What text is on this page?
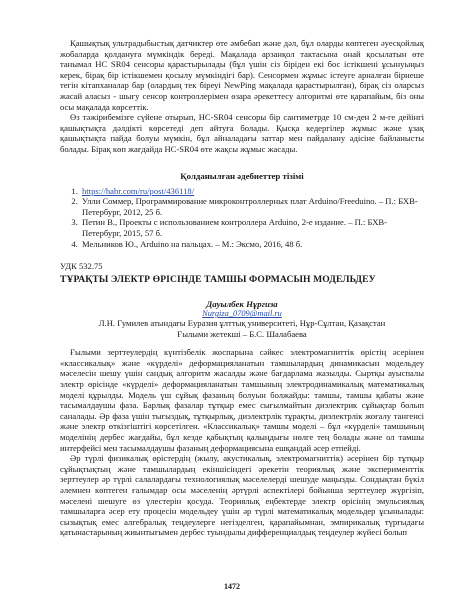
Қашықтық ультрадыбыстық датчиктер өте әмбебап және дәл, бұл оларды көптеген әуесқойлық жобаларда қолдануға мүмкіндік береді. Мақалада арзанқол тактасына онай қосылатын өте танымал HC SR04 сенсоры қарастырылады (бұл үшін сіз біріден екі бос істікшені ұсынуыңыз керек, бірақ бір істікшемен қосылу мүмкіндігі бар). Сенсормен жұмыс істеуге арналған бірнеше тегін кітапханалар бар (олардың тек біреуі NewPing мақалада қарастырылған), бірақ сіз оларсыз жасай аласыз - шығу сенсор контроллерімен өзара әрекеттесу алгоритмі өте қарапайым, біз оны осы мақалада көрсеттік.

Өз тәжірибемізге сүйене отырып, HC-SR04 сенсоры бір сантиметрде 10 см-ден 2 м-ге дейінгі қашықтықта дәлдікті көрсетеді деп айтуға болады. Қысқа кедергілер жұмыс және ұзақ қашықтықта пайда болуы мүмкін, бұл айналадағы заттар мен пайдалану әдісіне байланысты болады. Бірақ көп жағдайда HC-SR04 өте жақсы жұмыс жасады.

Қолданылған әдебиеттер тізімі
1. https://habr.com/ru/post/436118/
2. Улли Соммер, Программирование микроконтроллерных плат Arduino/Freeduino. – П.: БХВ-Петербург, 2012, 25 б.
3. Петин В., Проекты с использованием контроллера Arduino, 2-е издание. – П.: БХВ-Петербург, 2015, 57 б.
4. Мельников Ю., Arduino на пальцах. – М.: Эксмо, 2016, 48 б.
УДК 532.75
ТҰРАҚТЫ ЭЛЕКТР ӨРІСІНДЕ ТАМШЫ ФОРМАСЫН МОДЕЛЬДЕУ
Дауылбек Нұргиза
Nurgiza_0709@mail.ru
Л.Н. Гумилев атындағы Еуразия ұлттық университеті, Нұр-Сұлтан, Қазақстан
Ғылыми жетекші – Б.С. Шалабаева

Ғылыми зерттеулердің күнтізбелік жоспарына сәйкес электромагниттік өрістің әсерінен «классикалық» және «күрделі» деформацияланатын тамшылардың динамикасын модельдеу мәселесін шешу үшін сандық алгоритм жасалды және бағдарлама жазылды. Сыртқы ауыспалы электр өрісінде «күрделі» деформацияланатын тамшының электродинамикалық математикалық моделі құрылды. Модель үш сұйық фазаның болуын болжайды: тамшы, тамшы қабаты және тасымалдаушы фаза. Барлық фазалар тұтқыр емес сығылмайтын диэлектрик сұйықтар болып саналады. Әр фаза үшін тығыздық, тұтқырлық, диэлектрлік тұрақты, диэлектрлік жоғалу тангенсі және электр өткізгіштігі көрсетілген. «Классикалық» тамшы моделі – бұл «күрделі» тамшының моделінің дербес жағдайы, бұл кезде қабықтың қалыңдығы нөлге тең болады және ол тамшы интерфейсі мен тасымалдаушы фазаның деформациясына ешқандай әсер етпейді.

Әр түрлі физикалық өрістердің (жылу, акустикалық, электромагниттік) әсерінен бір тұтқыр сұйықтықтың және тамшылардың екіншісіндегі әрекетін теориялық және эксперименттік зерттеулер әр түрлі салалардағы технологиялық мәселелерді шешуде маңызды. Сондықтан бүкіл әлемнен көптеген ғалымдар осы мәселенің әртүрлі аспектілері бойынша зерттеулер жүргізіп, мәселені шешуге өз үлестерін қосуда. Теориялық еңбектерде электр өрісінің эмульсиялық тамшыларға әсер ету процесін модельдеу үшін әр түрлі математикалық модельдер ұсынылады: сызықтық емес алгебралық теңдеулерге негізделген, қарапайымнан, эмпирикалық түрғыдағы қатынастарының жиынтығымен дербес туындылы дифференциалдық теңдеулер жүйесі болып

1472
